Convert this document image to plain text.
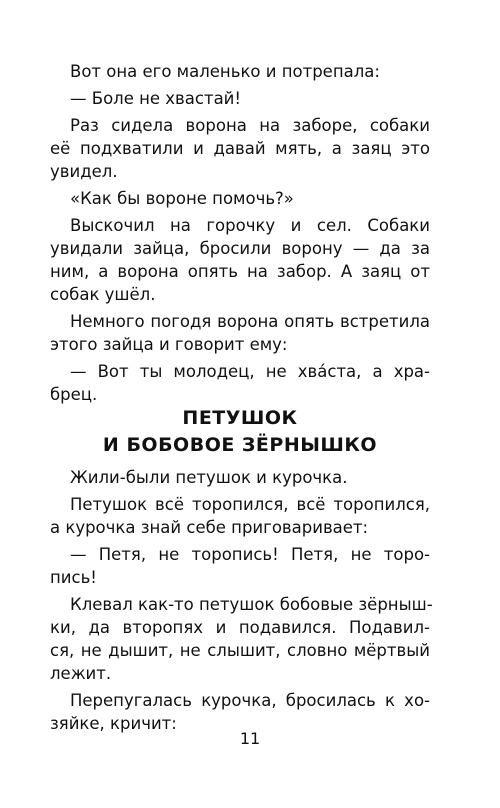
Вот она его маленько и потрепала:
— Боле не хвастай!
Раз сидела ворона на заборе, собаки
её подхватили и давай мять, а заяц это
увидел.
«Как бы вороне помочь?»
Выскочил на горочку и сел. Собаки
увидали зайца, бросили ворону — да за
ним, а ворона опять на забор. А заяц от
собак ушёл.
Немного погодя ворона опять встретила
этого зайца и говорит ему:
— Вот ты молодец, не хва́ста, а хра-
брец.
ПЕТУШОК
И БОБОВОЕ ЗЁРНЫШКО
Жили-были петушок и курочка.
Петушок всё торопился, всё торопился,
а курочка знай себе приговаривает:
— Петя, не торопись! Петя, не торо-
пись!
Клевал как-то петушок бобовые зёрныш-
ки, да второпях и подавился. Подавил-
ся, не дышит, не слышит, словно мёртвый
лежит.
Перепугалась курочка, бросилась к хо-
зяйке, кричит:
11
